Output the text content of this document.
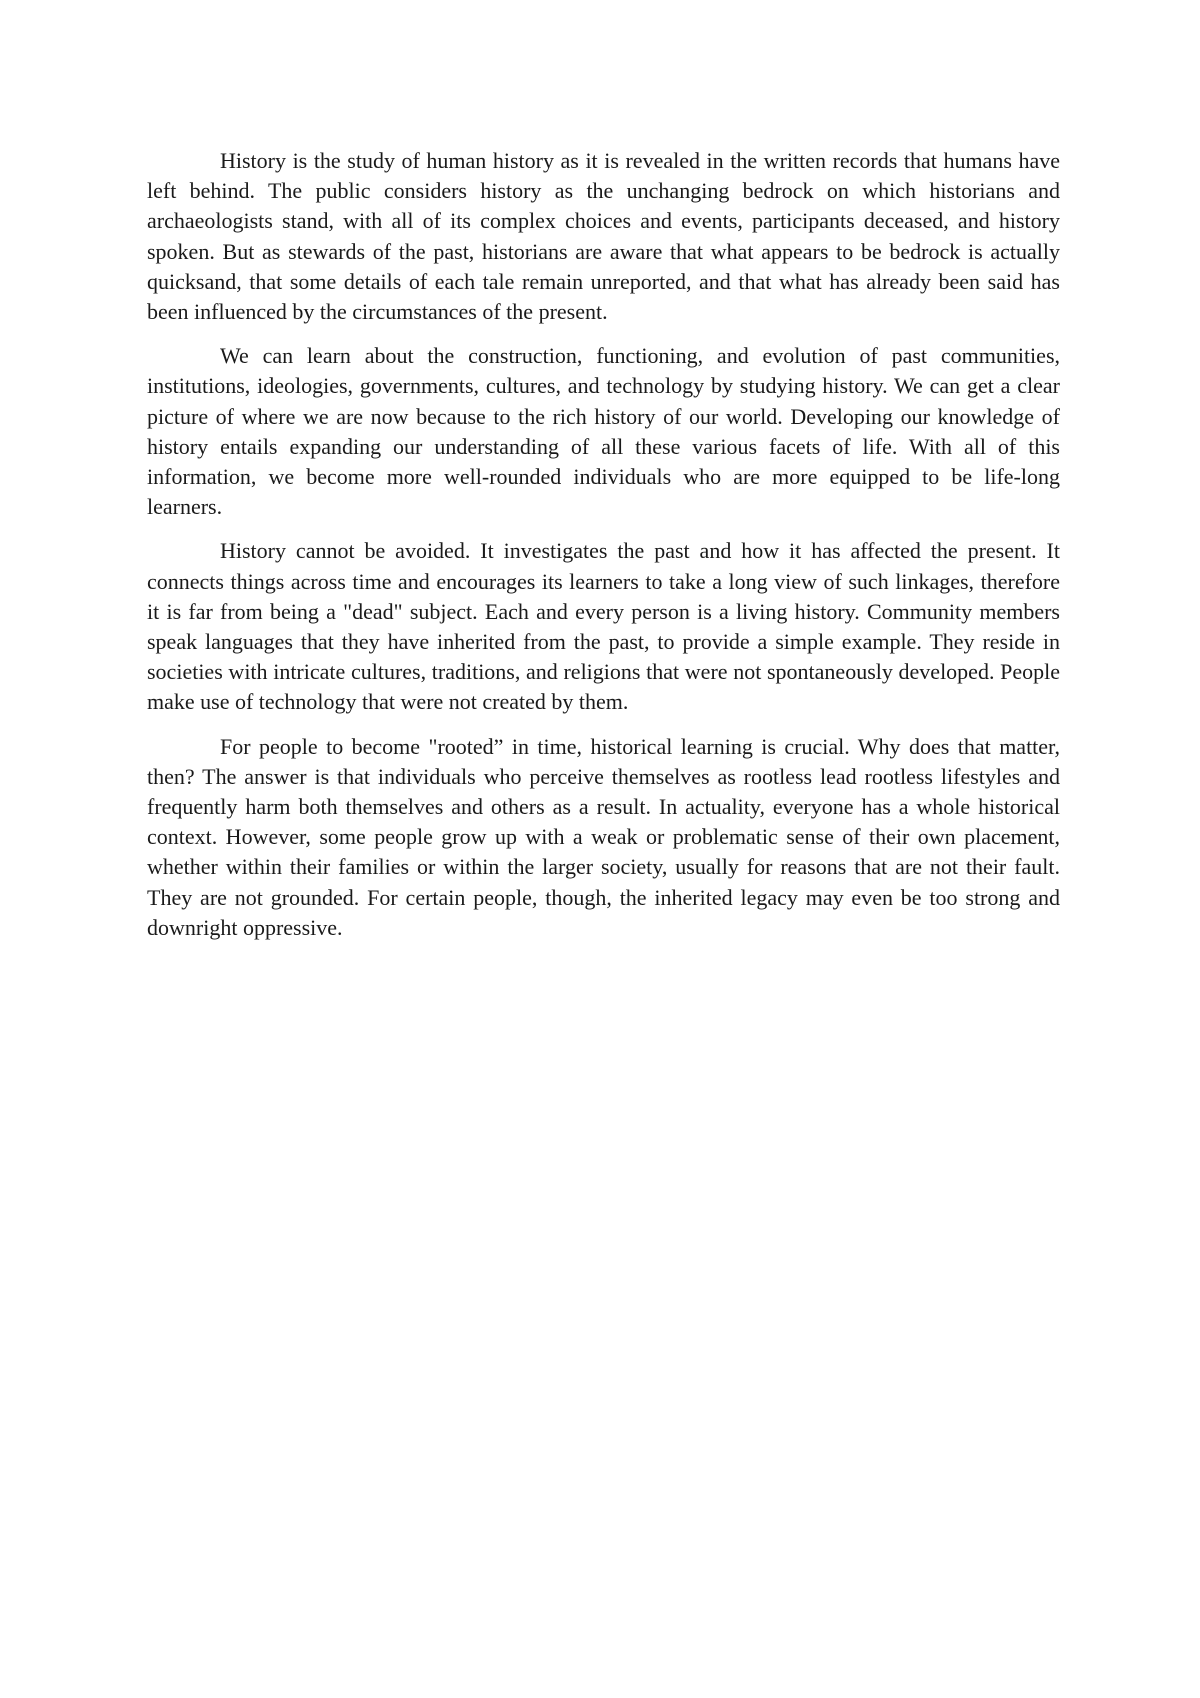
History is the study of human history as it is revealed in the written records that humans have left behind. The public considers history as the unchanging bedrock on which historians and archaeologists stand, with all of its complex choices and events, participants deceased, and history spoken. But as stewards of the past, historians are aware that what appears to be bedrock is actually quicksand, that some details of each tale remain unreported, and that what has already been said has been influenced by the circumstances of the present.

We can learn about the construction, functioning, and evolution of past communities, institutions, ideologies, governments, cultures, and technology by studying history. We can get a clear picture of where we are now because to the rich history of our world. Developing our knowledge of history entails expanding our understanding of all these various facets of life. With all of this information, we become more well-rounded individuals who are more equipped to be life-long learners.

History cannot be avoided. It investigates the past and how it has affected the present. It connects things across time and encourages its learners to take a long view of such linkages, therefore it is far from being a "dead" subject. Each and every person is a living history. Community members speak languages that they have inherited from the past, to provide a simple example. They reside in societies with intricate cultures, traditions, and religions that were not spontaneously developed. People make use of technology that were not created by them.

For people to become "rooted” in time, historical learning is crucial. Why does that matter, then? The answer is that individuals who perceive themselves as rootless lead rootless lifestyles and frequently harm both themselves and others as a result. In actuality, everyone has a whole historical context. However, some people grow up with a weak or problematic sense of their own placement, whether within their families or within the larger society, usually for reasons that are not their fault. They are not grounded. For certain people, though, the inherited legacy may even be too strong and downright oppressive.
